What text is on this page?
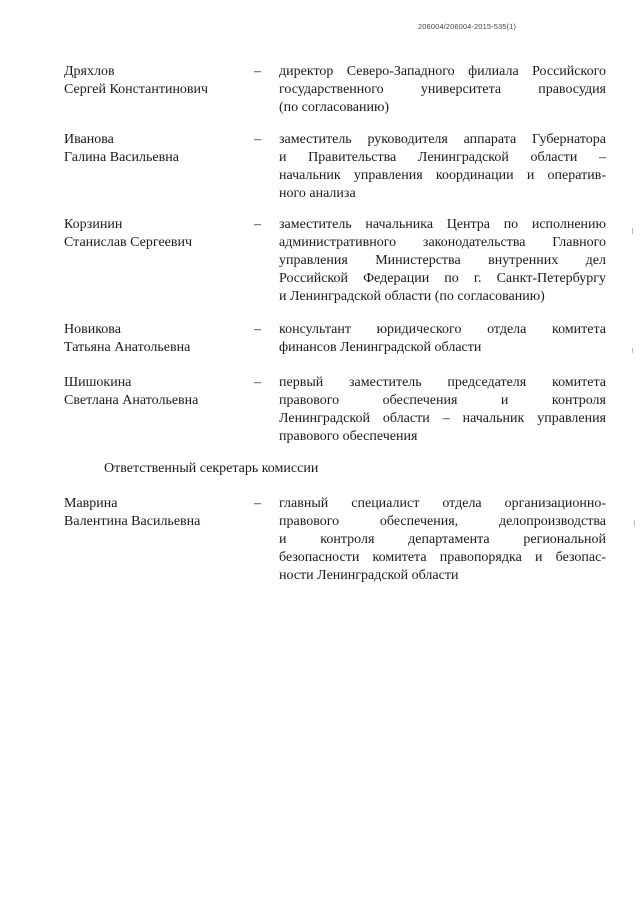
206004/206004-2015-535(1)
Дряхлов
Сергей Константинович
– директор Северо-Западного филиала Российского
государственного университета правосудия
(по согласованию)
Иванова
Галина Васильевна
– заместитель руководителя аппарата Губернатора
и Правительства Ленинградской области –
начальник управления координации и оператив-
ного анализа
Корзинин
Станислав Сергеевич
– заместитель начальника Центра по исполнению
административного законодательства Главного
управления Министерства внутренних дел
Российской Федерации по г. Санкт-Петербургу
и Ленинградской области (по согласованию)
Новикова
Татьяна Анатольевна
– консультант юридического отдела комитета
финансов Ленинградской области
Шишокина
Светлана Анатольевна
– первый заместитель председателя комитета
правового обеспечения и контроля
Ленинградской области – начальник управления
правового обеспечения
Ответственный секретарь комиссии
Маврина
Валентина Васильевна
– главный специалист отдела организационно-
правового обеспечения, делопроизводства
и контроля департамента региональной
безопасности комитета правопорядка и безопас-
ности Ленинградской области
